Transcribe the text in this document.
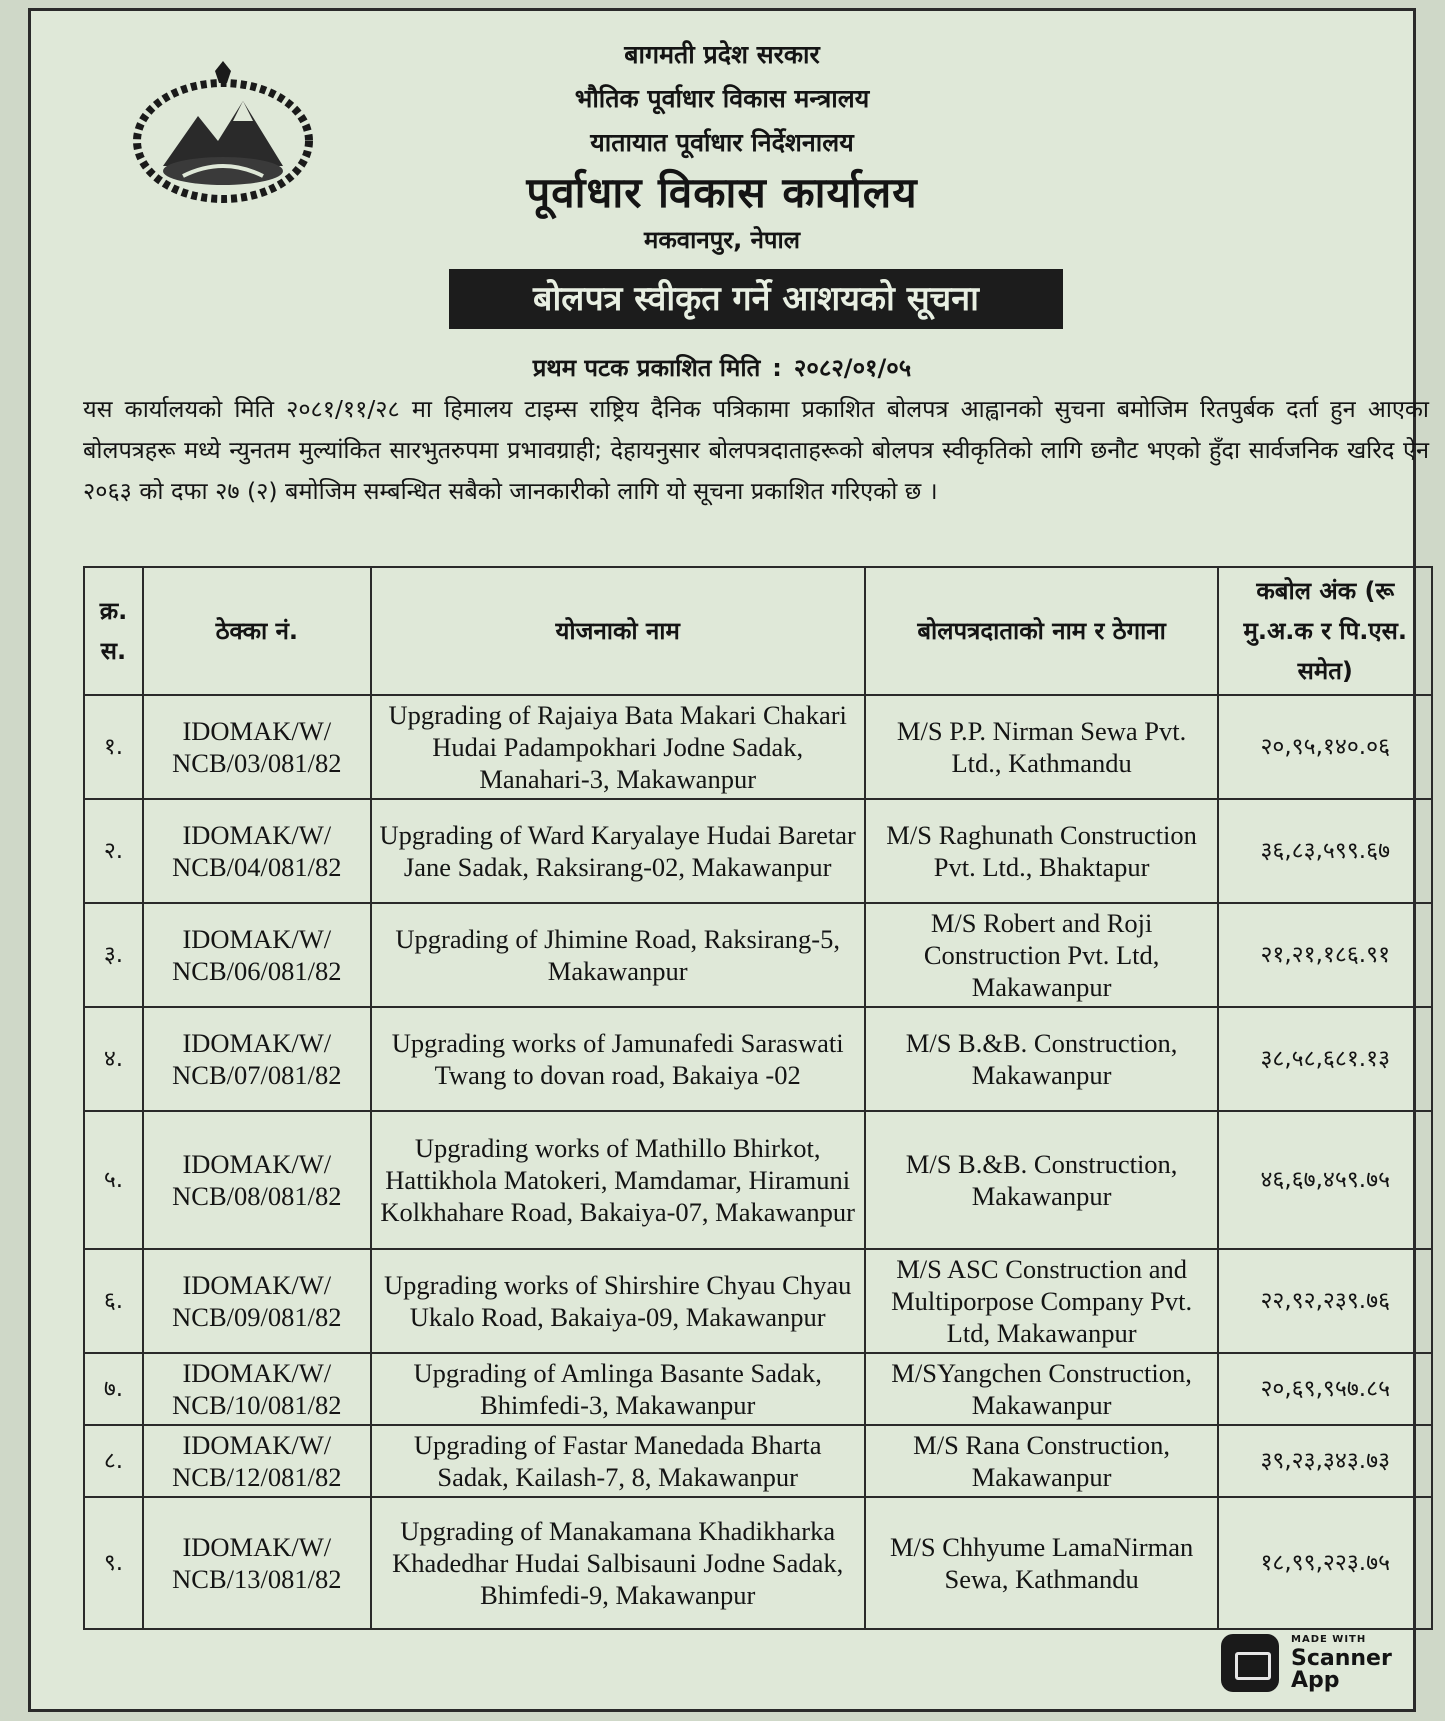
बागमती प्रदेश सरकार
भौतिक पूर्वाधार विकास मन्त्रालय
यातायात पूर्वाधार निर्देशनालय
पूर्वाधार विकास कार्यालय
मकवानपुर, नेपाल
बोलपत्र स्वीकृत गर्ने आशयको सूचना
प्रथम पटक प्रकाशित मिति : २०८२/०१/०५
यस कार्यालयको मिति २०८१/११/२८ मा हिमालय टाइम्स राष्ट्रिय दैनिक पत्रिकामा प्रकाशित बोलपत्र आह्वानको सुचना बमोजिम रितपुर्बक दर्ता हुन आएका बोलपत्रहरू मध्ये न्युनतम मुल्यांकित सारभुतरुपमा प्रभावग्राही; देहायनुसार बोलपत्रदाताहरूको बोलपत्र स्वीकृतिको लागि छनौट भएको हुँदा सार्वजनिक खरिद ऐन २०६३ को दफा २७ (२) बमोजिम सम्बन्धित सबैको जानकारीको लागि यो सूचना प्रकाशित गरिएको छ ।
क्र. स.	ठेक्का नं.	योजनाको नाम	बोलपत्रदाताको नाम र ठेगाना	कबोल अंक (रू मु.अ.क र पि.एस. समेत)
१.	IDOMAK/W/ NCB/03/081/82	Upgrading of Rajaiya Bata Makari Chakari Hudai Padampokhari Jodne Sadak, Manahari-3, Makawanpur	M/S P.P. Nirman Sewa Pvt. Ltd., Kathmandu	२०,९५,१४०.०६
२.	IDOMAK/W/ NCB/04/081/82	Upgrading of Ward Karyalaye Hudai Baretar Jane Sadak, Raksirang-02, Makawanpur	M/S Raghunath Construction Pvt. Ltd., Bhaktapur	३६,८३,५९९.६७
३.	IDOMAK/W/ NCB/06/081/82	Upgrading of Jhimine Road, Raksirang-5, Makawanpur	M/S Robert and Roji Construction Pvt. Ltd, Makawanpur	२१,२१,१८६.९१
४.	IDOMAK/W/ NCB/07/081/82	Upgrading works of Jamunafedi Saraswati Twang to dovan road, Bakaiya -02	M/S B.&B. Construction, Makawanpur	३८,५८,६८१.१३
५.	IDOMAK/W/ NCB/08/081/82	Upgrading works of Mathillo Bhirkot, Hattikhola Matokeri, Mamdamar, Hiramuni Kolkhahare Road, Bakaiya-07, Makawanpur	M/S B.&B. Construction, Makawanpur	४६,६७,४५९.७५
६.	IDOMAK/W/ NCB/09/081/82	Upgrading works of Shirshire Chyau Chyau Ukalo Road, Bakaiya-09, Makawanpur	M/S ASC Construction and Multiporpose Company Pvt. Ltd, Makawanpur	२२,९२,२३९.७६
७.	IDOMAK/W/ NCB/10/081/82	Upgrading of Amlinga Basante Sadak, Bhimfedi-3, Makawanpur	M/SYangchen Construction, Makawanpur	२०,६९,९५७.८५
८.	IDOMAK/W/ NCB/12/081/82	Upgrading of Fastar Manedada Bharta Sadak, Kailash-7, 8, Makawanpur	M/S Rana Construction, Makawanpur	३९,२३,३४३.७३
९.	IDOMAK/W/ NCB/13/081/82	Upgrading of Manakamana Khadikharka Khadedhar Hudai Salbisauni Jodne Sadak, Bhimfedi-9, Makawanpur	M/S Chhyume LamaNirman Sewa, Kathmandu	१८,९९,२२३.७५
MADE WITH
Scanner App
